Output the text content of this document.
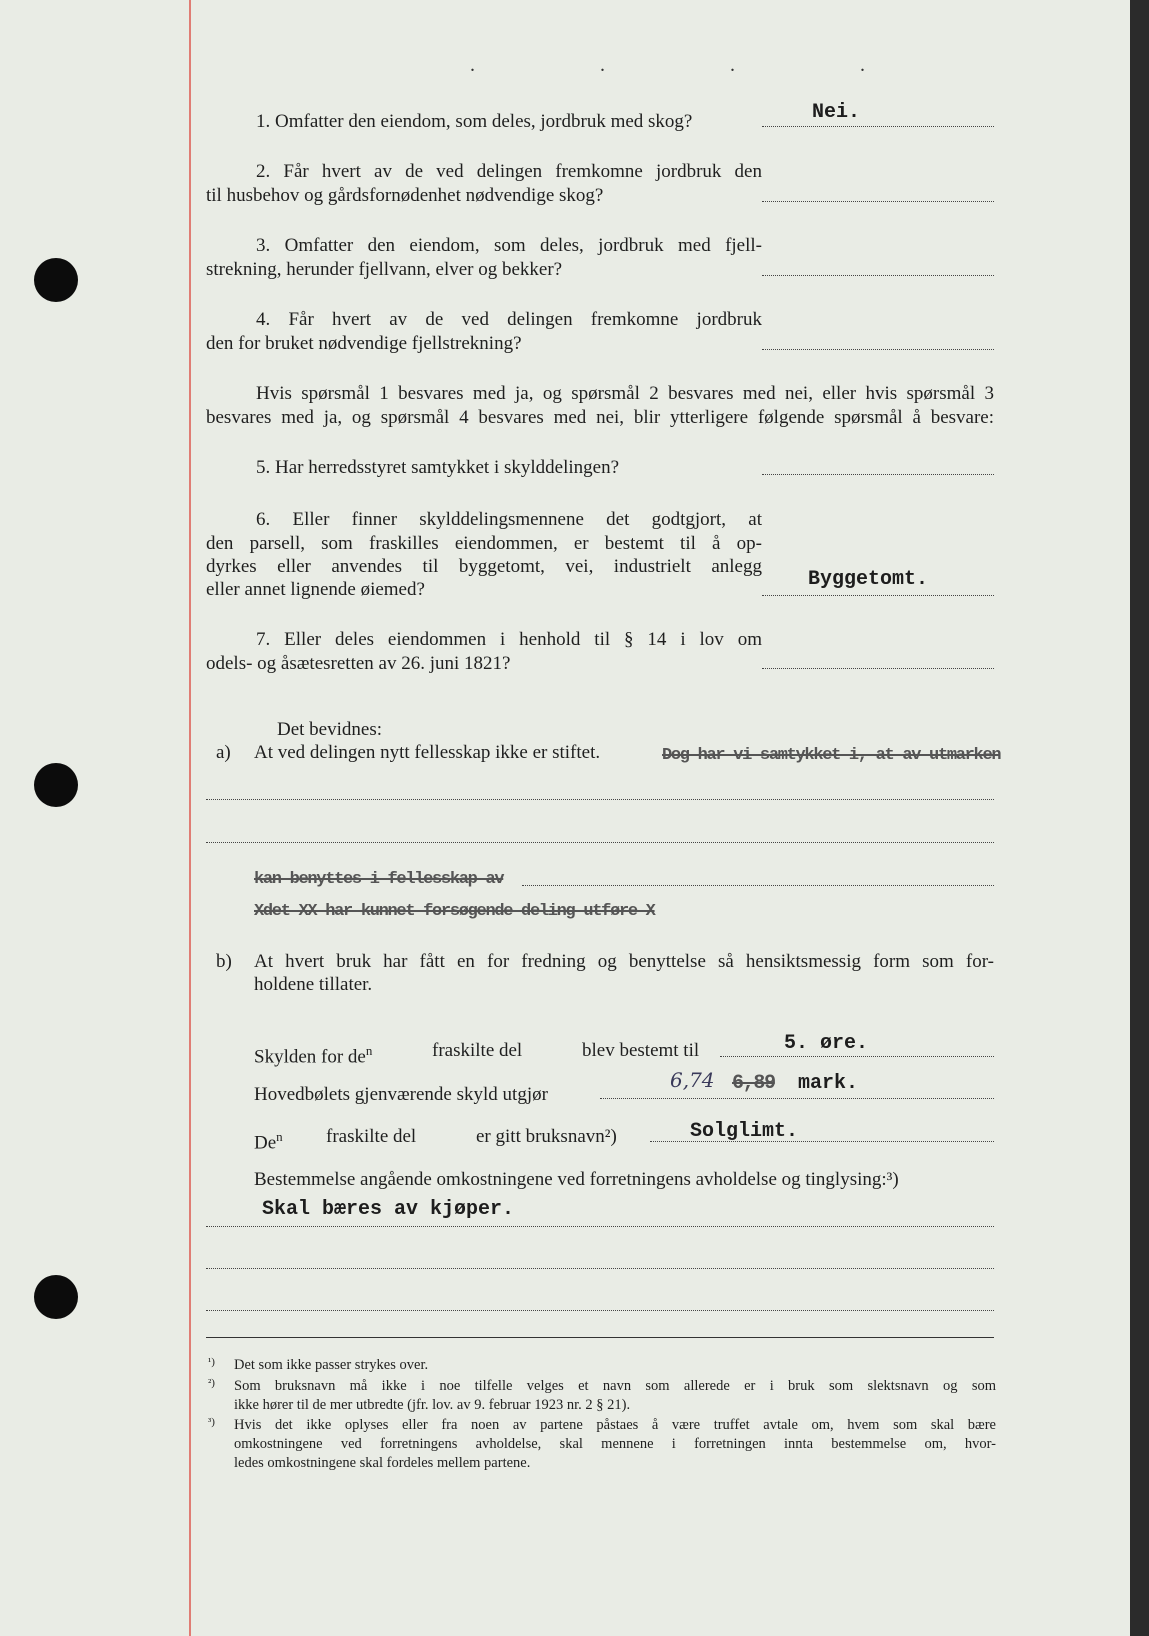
. . . .
1. Omfatter den eiendom, som deles, jordbruk med skog?	Nei.
2. Får hvert av de ved delingen fremkomne jordbruk den
til husbehov og gårdsfornødenhet nødvendige skog?
3. Omfatter den eiendom, som deles, jordbruk med fjell-
strekning, herunder fjellvann, elver og bekker?
4. Får hvert av de ved delingen fremkomne jordbruk
den for bruket nødvendige fjellstrekning?
Hvis spørsmål 1 besvares med ja, og spørsmål 2 besvares med nei, eller hvis spørsmål 3
besvares med ja, og spørsmål 4 besvares med nei, blir ytterligere følgende spørsmål å besvare:
5. Har herredsstyret samtykket i skylddelingen?
6. Eller finner skylddelingsmennene det godtgjort, at
den parsell, som fraskilles eiendommen, er bestemt til å op-
dyrkes eller anvendes til byggetomt, vei, industrielt anlegg
eller annet lignende øiemed?	Byggetomt.
7. Eller deles eiendommen i henhold til § 14 i lov om
odels- og åsætesretten av 26. juni 1821?
Det bevidnes:
a) At ved delingen nytt fellesskap ikke er stiftet.	Dog har vi samtykket i, at av utmarken
kan benyttes i fellesskap av
Xdet XX har kunnet forsøgende deling utføre X
b) At hvert bruk har fått en for fredning og benyttelse så hensiktsmessig form som for-
holdene tillater.
Skylden for $de^n$	fraskilte del	blev bestemt til	5. øre.
Hovedbølets gjenværende skyld utgjør
6,74 6,89 mark.
De$^n$ fraskilte del	er gitt bruksnavn²)	Solglimt.
Bestemmelse angående omkostningene ved forretningens avholdelse og tinglysing:³)
Skal bæres av kjøper.
¹) Det som ikke passer strykes over.
²) Som bruksnavn må ikke i noe tilfelle velges et navn som allerede er i bruk som slektsnavn og som
ikke hører til de mer utbredte (jfr. lov. av 9. februar 1923 nr. 2 § 21).
³) Hvis det ikke oplyses eller fra noen av partene påstaes å være truffet avtale om, hvem som skal bære
omkostningene ved forretningens avholdelse, skal mennene i forretningen innta bestemmelse om, hvor-
ledes omkostningene skal fordeles mellem partene.
